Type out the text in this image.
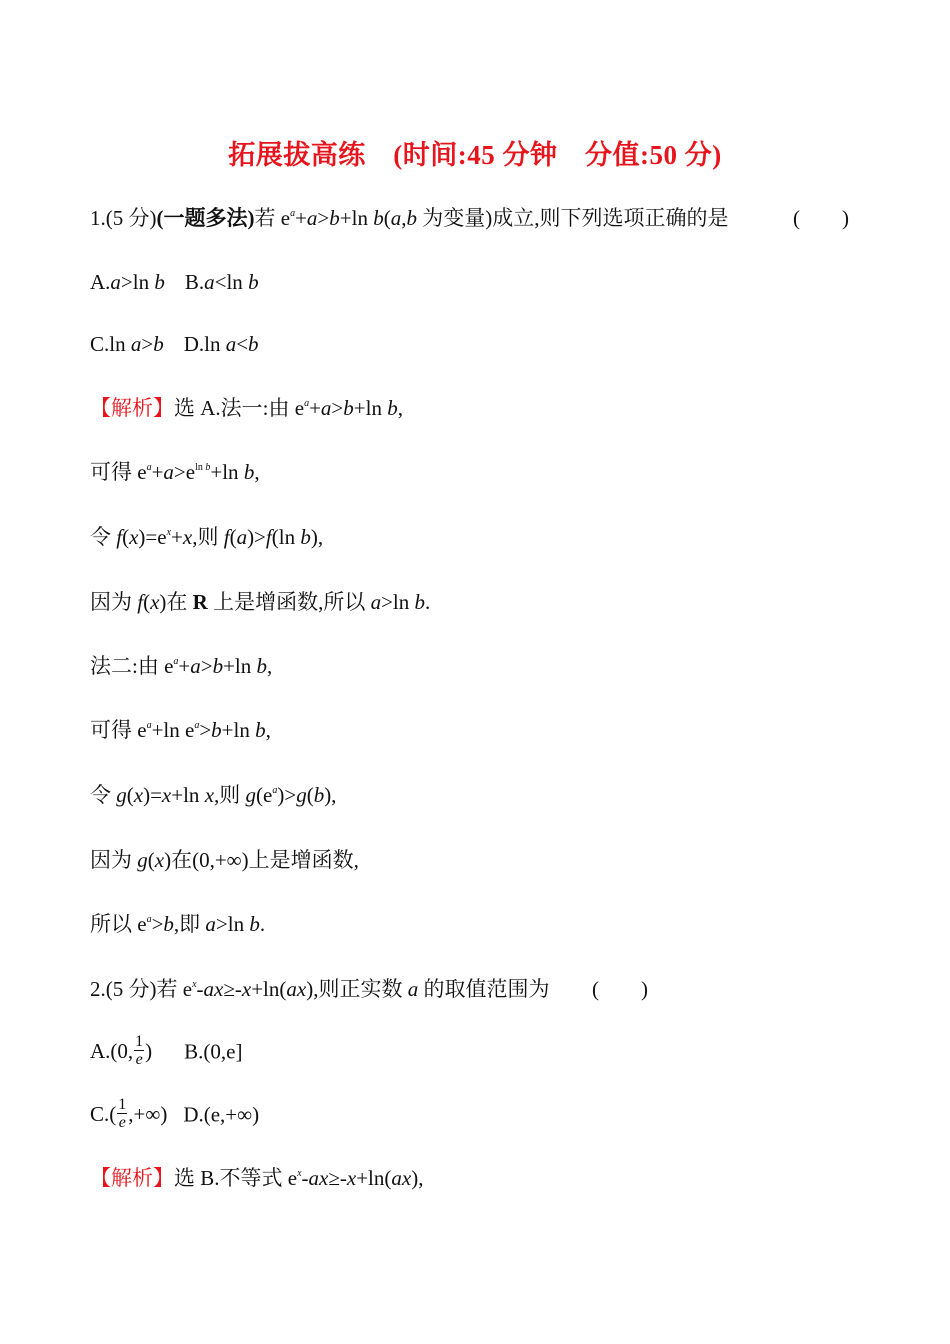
拓展拔高练　(时间:45 分钟　分值:50 分)
1.(5 分)(一题多法)若 $e^a+a>b+\ln$ b(a,b 为变量)成立,则下列选项正确的是	(　　)
A.a>ln b B.a<ln b
C.ln a>b D.ln a<b
【解析】选 A.法一:由 $e^a+a>b+\ln$ b,
可得 $e^a+a>e^{ln b}+\ln$ b,
令 $f(x)=e^x+x$,则 f(a)>f(ln b),
因为 f(x)在 R 上是增函数,所以 a>ln b.
法二:由 $e^a+a>b+\ln$ b,
可得 $e^a+\ln$ $e^a>b+\ln$ b,
令 g(x)=x+ln x,则 $g(e^a)>g(b)$,
因为 g(x)在(0,+∞)上是增函数,
所以 $e^a>b$,即 a>ln b.
2.(5 分)若 $e^x-ax\ge-x+\ln(ax)$,则正实数 a 的取值范围为 (　　)
A.(0, $\frac{1}{e}$ ) B.(0,e]
$C.( \frac{1}{e}$ ,+∞) D.(e,+∞)
【解析】选 B.不等式 $e^x-ax\ge-x+\ln(ax)$,
